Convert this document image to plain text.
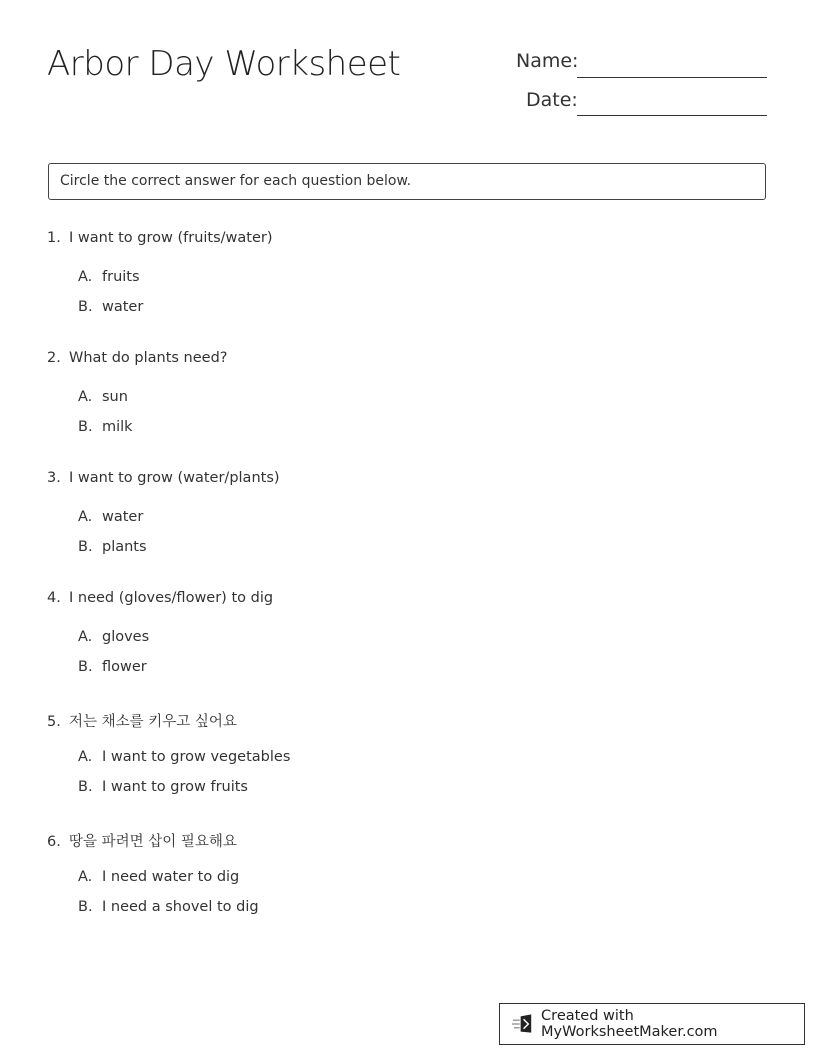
Arbor Day Worksheet	Name:
Date:
Circle the correct answer for each question below.
1. I want to grow (fruits/water)
A. fruits
B. water
2. What do plants need?
A. sun
B. milk
3. I want to grow (water/plants)
A. water
B. plants
4. I need (gloves/flower) to dig
A. gloves
B. flower
5. 저는 채소를 키우고 싶어요
A. I want to grow vegetables
B. I want to grow fruits
6. 땅을 파려면 삽이 필요해요
A. I need water to dig
B. I need a shovel to dig
Created with MyWorksheetMaker.com
